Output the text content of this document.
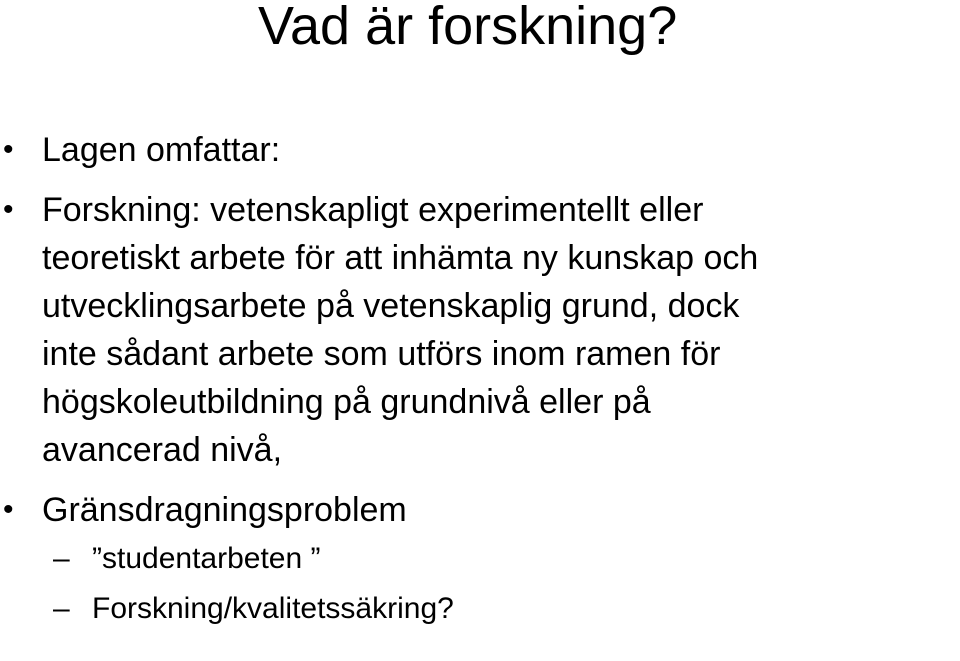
Vad är forskning?
• Lagen omfattar:
• Forskning: vetenskapligt experimentellt eller
teoretiskt arbete för att inhämta ny kunskap och
utvecklingsarbete på vetenskaplig grund, dock
inte sådant arbete som utförs inom ramen för
högskoleutbildning på grundnivå eller på
avancerad nivå,
• Gränsdragningsproblem
– ”studentarbeten ”
– Forskning/kvalitetssäkring?
